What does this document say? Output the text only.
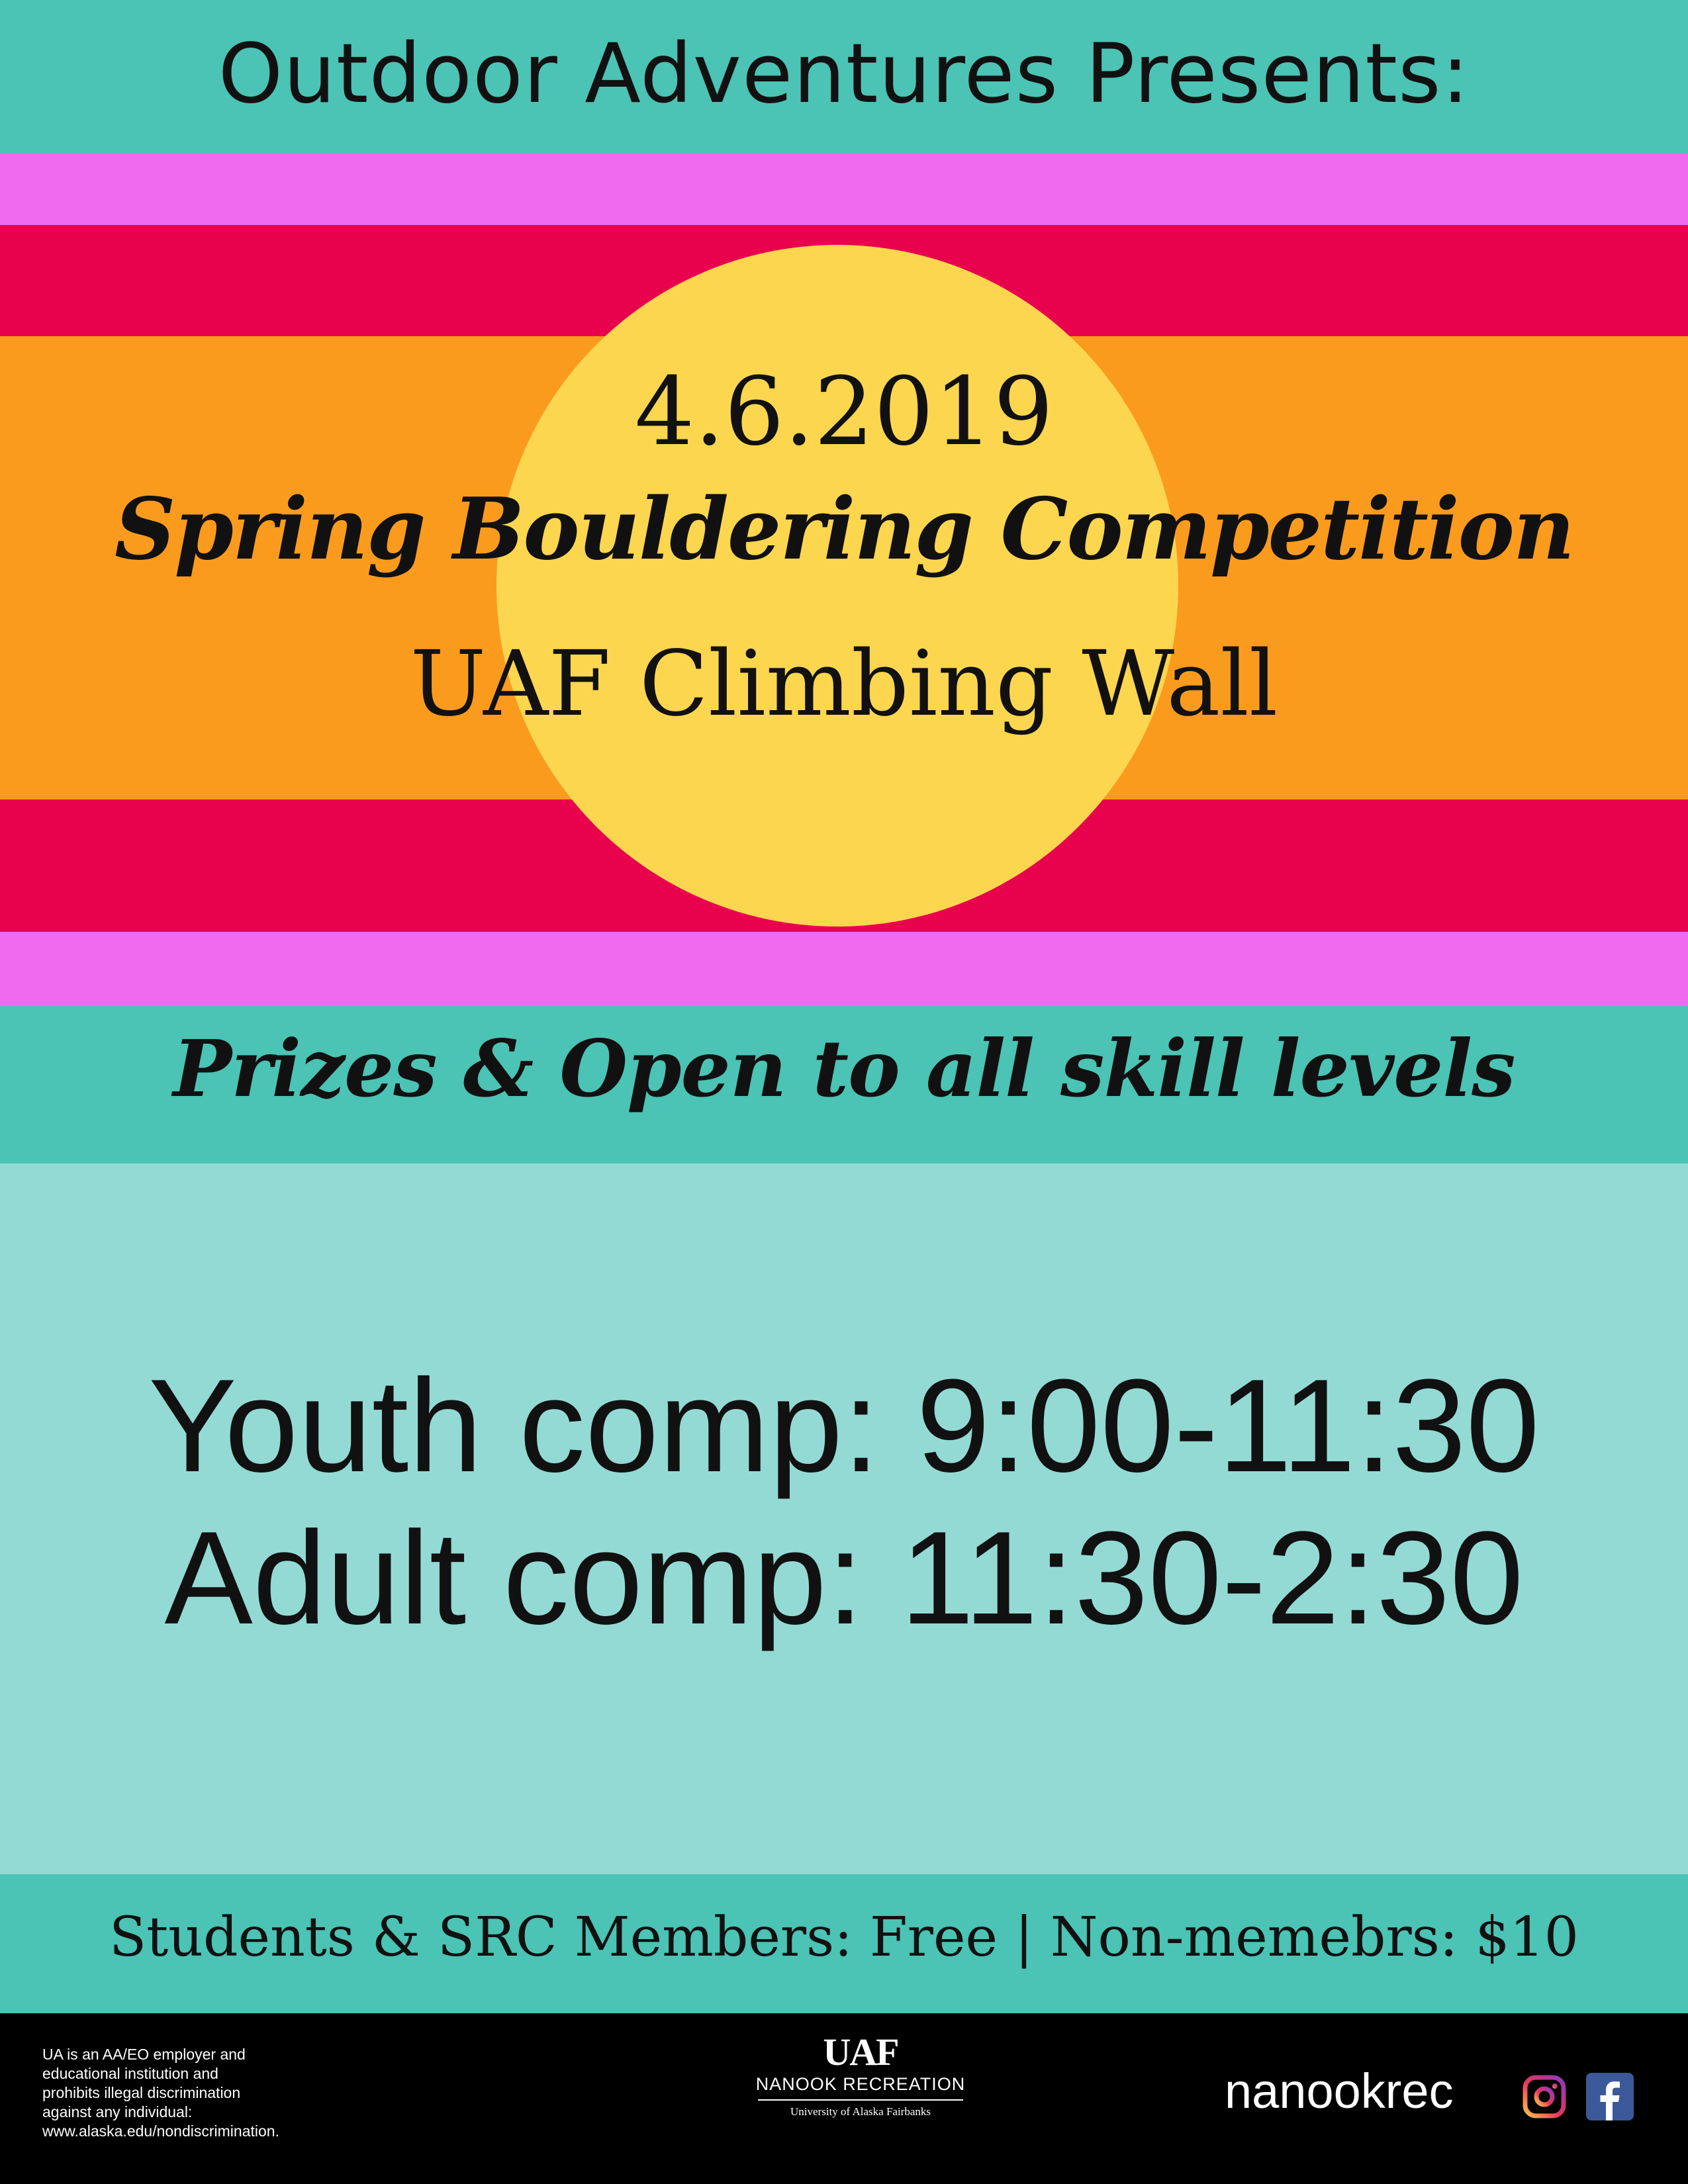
Outdoor Adventures Presents:
4.6.2019
Spring Bouldering Competition
UAF Climbing Wall
Prizes & Open to all skill levels
Youth comp: 9:00-11:30
Adult comp: 11:30-2:30
Students & SRC Members: Free | Non-memebrs: $10
UA is an AA/EO employer and
educational institution and
prohibits illegal discrimination
against any individual:
www.alaska.edu/nondiscrimination.
UAF
NANOOK RECREATION
University of Alaska Fairbanks	nanookrec
